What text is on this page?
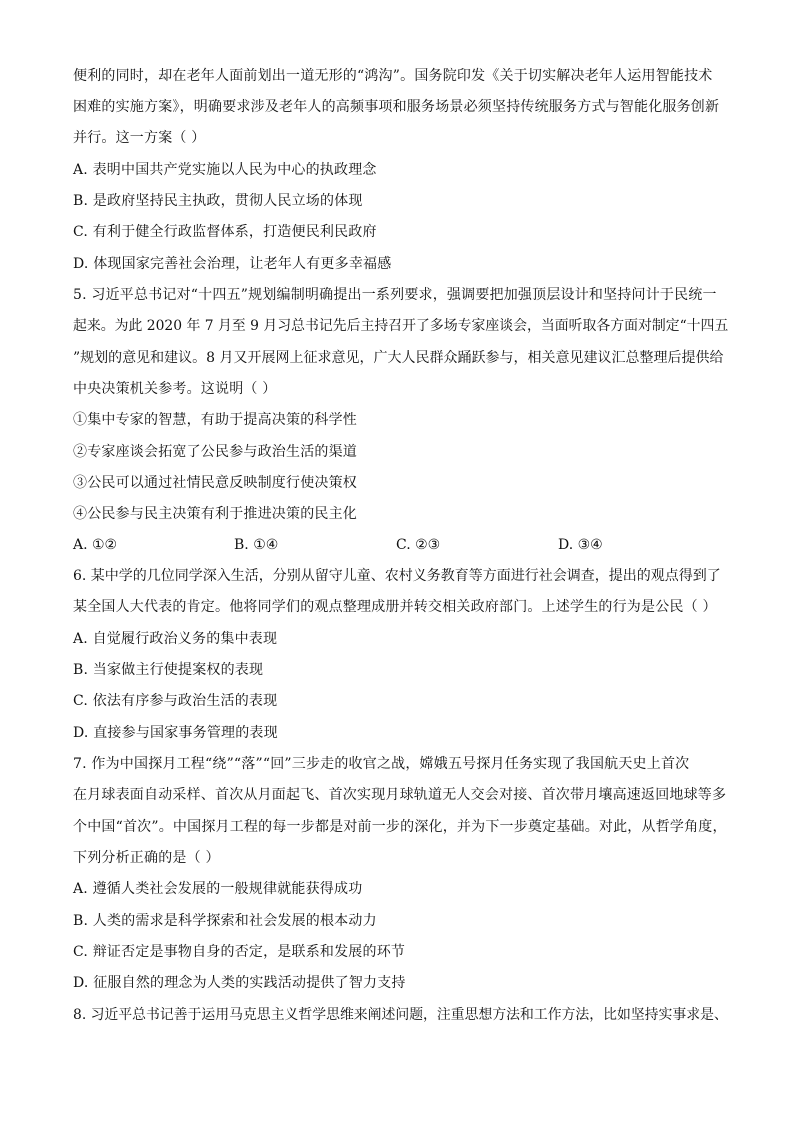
便利的同时，却在老年人面前划出一道无形的“鸿沟”。国务院印发《关于切实解决老年人运用智能技术
困难的实施方案》，明确要求涉及老年人的高频事项和服务场景必须坚持传统服务方式与智能化服务创新
并行。这一方案（ ）
A. 表明中国共产党实施以人民为中心的执政理念
B. 是政府坚持民主执政，贯彻人民立场的体现
C. 有利于健全行政监督体系，打造便民利民政府
D. 体现国家完善社会治理，让老年人有更多幸福感
5. 习近平总书记对“十四五”规划编制明确提出一系列要求，强调要把加强顶层设计和坚持问计于民统一
起来。为此 2020 年 7 月至 9 月习总书记先后主持召开了多场专家座谈会，当面听取各方面对制定“十四五
”规划的意见和建议。8 月又开展网上征求意见，广大人民群众踊跃参与，相关意见建议汇总整理后提供给
中央决策机关参考。这说明（ ）
①集中专家的智慧，有助于提高决策的科学性
②专家座谈会拓宽了公民参与政治生活的渠道
③公民可以通过社情民意反映制度行使决策权
④公民参与民主决策有利于推进决策的民主化
A. ①②	B. ①④	C. ②③	D. ③④
6. 某中学的几位同学深入生活，分别从留守儿童、农村义务教育等方面进行社会调查，提出的观点得到了
某全国人大代表的肯定。他将同学们的观点整理成册并转交相关政府部门。上述学生的行为是公民（ ）
A. 自觉履行政治义务的集中表现
B. 当家做主行使提案权的表现
C. 依法有序参与政治生活的表现
D. 直接参与国家事务管理的表现
7. 作为中国探月工程“绕”“落”“回”三步走的收官之战，嫦娥五号探月任务实现了我国航天史上首次
在月球表面自动采样、首次从月面起飞、首次实现月球轨道无人交会对接、首次带月壤高速返回地球等多
个中国“首次”。中国探月工程的每一步都是对前一步的深化，并为下一步奠定基础。对此，从哲学角度，
下列分析正确的是（ ）
A. 遵循人类社会发展的一般规律就能获得成功
B. 人类的需求是科学探索和社会发展的根本动力
C. 辩证否定是事物自身的否定，是联系和发展的环节
D. 征服自然的理念为人类的实践活动提供了智力支持
8. 习近平总书记善于运用马克思主义哲学思维来阐述问题，注重思想方法和工作方法，比如坚持实事求是、
